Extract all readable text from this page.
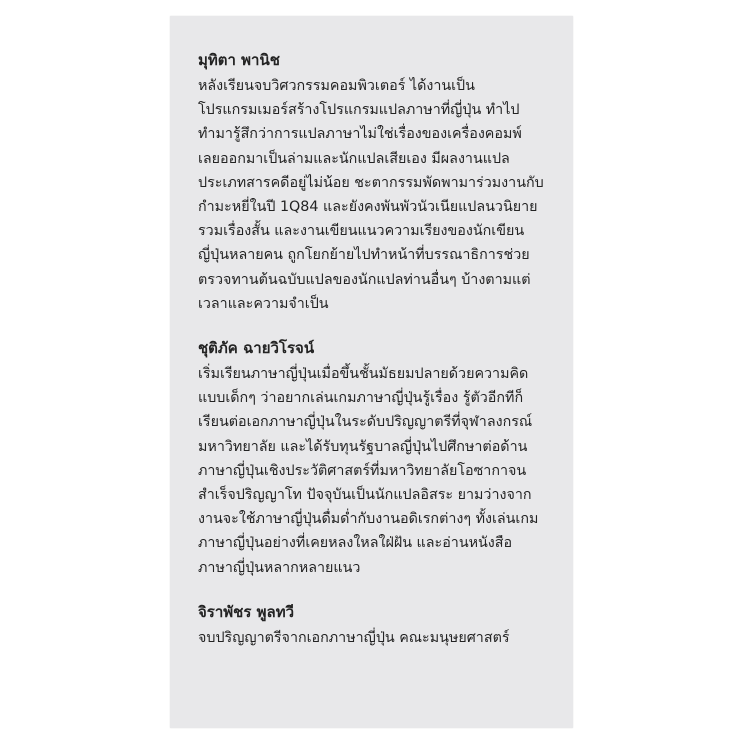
มุทิตา พานิช
หลังเรียนจบวิศวกรรมคอมพิวเตอร์ ได้งานเป็น
โปรแกรมเมอร์สร้างโปรแกรมแปลภาษาที่ญี่ปุ่น ทำไป
ทำมารู้สึกว่าการแปลภาษาไม่ใช่เรื่องของเครื่องคอมพ์
เลยออกมาเป็นล่ามและนักแปลเสียเอง มีผลงานแปล
ประเภทสารคดีอยู่ไม่น้อย ชะตากรรมพัดพามาร่วมงานกับ
กำมะหยี่ในปี 1Q84 และยังคงพันพัวนัวเนียแปลนวนิยาย
รวมเรื่องสั้น และงานเขียนแนวความเรียงของนักเขียน
ญี่ปุ่นหลายคน ถูกโยกย้ายไปทำหน้าที่บรรณาธิการช่วย
ตรวจทานต้นฉบับแปลของนักแปลท่านอื่นๆ บ้างตามแต่
เวลาและความจำเป็น
ชุติภัค ฉายวิโรจน์
เริ่มเรียนภาษาญี่ปุ่นเมื่อขึ้นชั้นมัธยมปลายด้วยความคิด
แบบเด็กๆ ว่าอยากเล่นเกมภาษาญี่ปุ่นรู้เรื่อง รู้ตัวอีกทีก็
เรียนต่อเอกภาษาญี่ปุ่นในระดับปริญญาตรีที่จุฬาลงกรณ์
มหาวิทยาลัย และได้รับทุนรัฐบาลญี่ปุ่นไปศึกษาต่อด้าน
ภาษาญี่ปุ่นเชิงประวัติศาสตร์ที่มหาวิทยาลัยโอซากาจน
สำเร็จปริญญาโท ปัจจุบันเป็นนักแปลอิสระ ยามว่างจาก
งานจะใช้ภาษาญี่ปุ่นดื่มด่ำกับงานอดิเรกต่างๆ ทั้งเล่นเกม
ภาษาญี่ปุ่นอย่างที่เคยหลงใหลใฝ่ฝัน และอ่านหนังสือ
ภาษาญี่ปุ่นหลากหลายแนว
จิราพัชร พูลทวี
จบปริญญาตรีจากเอกภาษาญี่ปุ่น คณะมนุษยศาสตร์
